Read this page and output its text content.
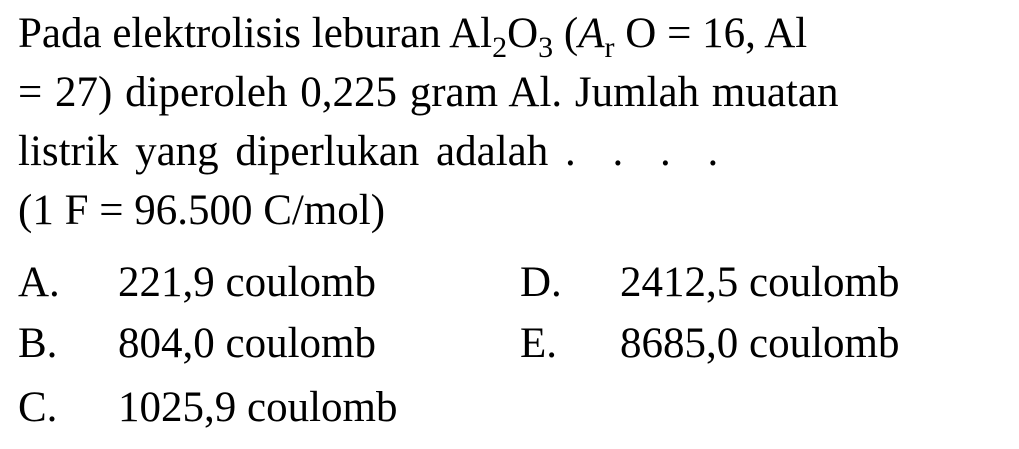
Pada elektrolisis leburan $Al_2O_3$ ($A_r$ O = 16, Al
= 27) diperoleh 0,225 gram Al. Jumlah muatan
listrik yang diperlukan adalah . . . .
(1 F = 96.500 C/mol)
A. 221,9 coulomb
B. 804,0 coulomb
C. 1025,9 coulomb
D. 2412,5 coulomb
E. 8685,0 coulomb
